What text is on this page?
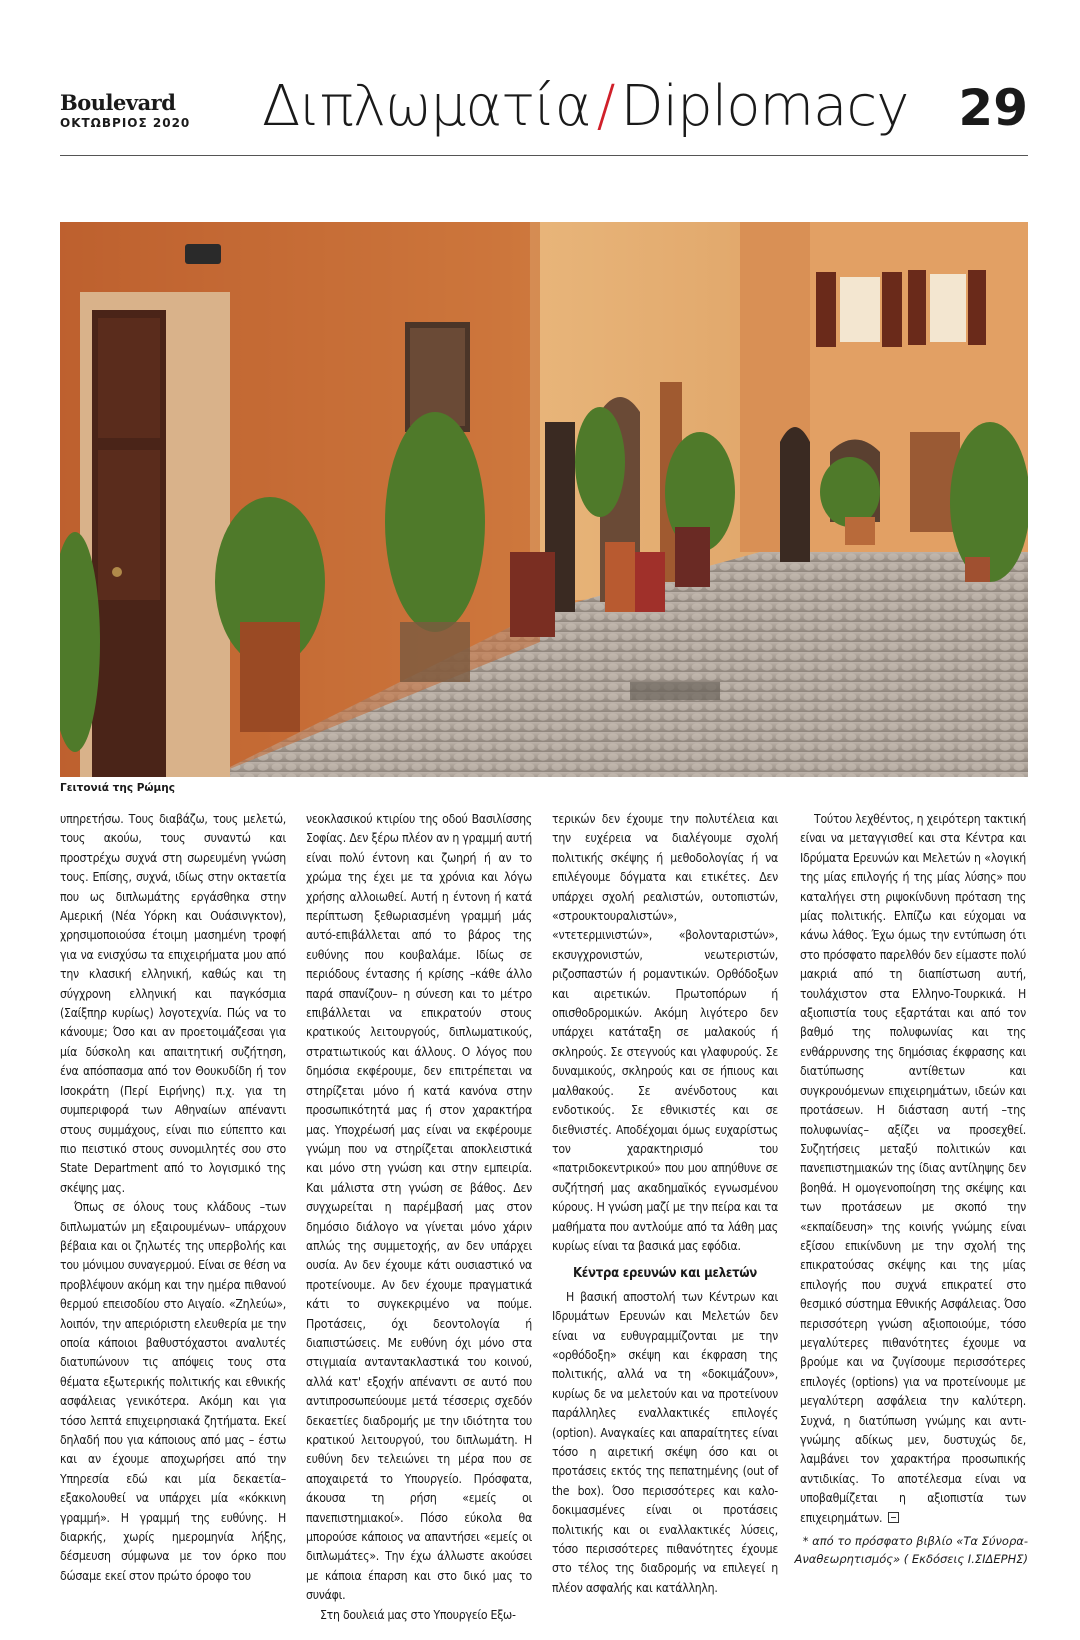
Boulevard
ΟΚΤΩΒΡΙΟΣ 2020 Διπλωματία / Diplomacy 29
Γειτονιά της Ρώμης

υπηρετήσω. Τους διαβάζω, τους μελετώ, τους ακούω, τους συναντώ και προστρέχω συχνά στη σωρευμένη γνώση τους. Επίσης, συχνά, ιδίως στην οκταετία που ως διπλωμάτης εργάσθηκα στην Αμερική (Νέα Υόρκη και Ουάσινγκτον), χρησιμοποιούσα έτοιμη μασημένη τροφή για να ενισχύσω τα επιχειρήματα μου από την κλασική ελληνική, καθώς και τη σύγχρονη ελληνική και παγκόσμια (Σαίξπηρ κυρίως) λογοτεχνία. Πώς να το κάνουμε; Όσο και αν προετοιμάζεσαι για μία δύσκολη και απαιτητική συζήτηση, ένα απόσπασμα από τον Θουκυδίδη ή τον Ισοκράτη (Περί Ειρήνης) π.χ. για τη συμπεριφορά των Αθηναίων απέναντι στους συμμάχους, είναι πιο εύπεπτο και πιο πειστικό στους συνομιλητές σου στο State Department από το λογισμικό της σκέψης μας.

Όπως σε όλους τους κλάδους –των διπλωματών μη εξαιρουμένων– υπάρχουν βέβαια και οι ζηλωτές της υπερβολής και του μόνιμου συναγερμού. Είναι σε θέση να προβλέψουν ακόμη και την ημέρα πιθανού θερμού επεισοδίου στο Αιγαίο. «Ζηλεύω», λοιπόν, την απεριόριστη ελευθερία με την οποία κάποιοι βαθυστόχαστοι αναλυτές διατυπώνουν τις απόψεις τους στα θέματα εξωτερικής πολιτικής και εθνικής ασφάλειας γενικότερα. Ακόμη και για τόσο λεπτά επιχειρησιακά ζητήματα. Εκεί δηλαδή που για κάποιους από μας – έστω και αν έχουμε αποχωρήσει από την Υπηρεσία εδώ και μία δεκαετία– εξακολουθεί να υπάρχει μία «κόκκινη γραμμή». Η γραμμή της ευθύνης. Η διαρκής, χωρίς ημερομηνία λήξης, δέσμευση σύμφωνα με τον όρκο που δώσαμε εκεί στον πρώτο όροφο του

νεοκλασικού κτιρίου της οδού Βασιλίσσης Σοφίας. Δεν ξέρω πλέον αν η γραμμή αυτή είναι πολύ έντονη και ζωηρή ή αν το χρώμα της έχει με τα χρόνια και λόγω χρήσης αλλοιωθεί. Αυτή η έντονη ή κατά περίπτωση ξεθωριασμένη γραμμή μάς αυτό-επιβάλλεται από το βάρος της ευθύνης που κουβαλάμε. Ιδίως σε περιόδους έντασης ή κρίσης –κάθε άλλο παρά σπανίζουν– η σύνεση και το μέτρο επιβάλλεται να επικρατούν στους κρατικούς λειτουργούς, διπλωματικούς, στρατιωτικούς και άλλους. Ο λόγος που δημόσια εκφέρουμε, δεν επιτρέπεται να στηρίζεται μόνο ή κατά κανόνα στην προσωπικότητά μας ή στον χαρακτήρα μας. Υποχρέωσή μας είναι να εκφέρουμε γνώμη που να στηρίζεται αποκλειστικά και μόνο στη γνώση και στην εμπειρία. Και μάλιστα στη γνώση σε βάθος. Δεν συγχωρείται η παρέμβασή μας στον δημόσιο διάλογο να γίνεται μόνο χάριν απλώς της συμμετοχής, αν δεν υπάρχει ουσία. Αν δεν έχουμε κάτι ουσιαστικό να προτείνουμε. Αν δεν έχουμε πραγματικά κάτι το συγκεκριμένο να πούμε. Προτάσεις, όχι δεοντολογία ή διαπιστώσεις. Με ευθύνη όχι μόνο στα στιγμιαία ανταντακλαστικά του κοινού, αλλά κατ' εξοχήν απέναντι σε αυτό που αντιπροσωπεύουμε μετά τέσσερις σχεδόν δεκαετίες διαδρομής με την ιδιότητα του κρατικού λειτουργού, του διπλωμάτη. Η ευθύνη δεν τελειώνει τη μέρα που σε αποχαιρετά το Υπουργείο. Πρόσφατα, άκουσα τη ρήση «εμείς οι πανεπιστημιακοί». Πόσο εύκολα θα μπορούσε κάποιος να απαντήσει «εμείς οι διπλωμάτες». Την έχω άλλωστε ακούσει με κάποια έπαρση και στο δικό μας το συνάφι.

Στη δουλειά μας στο Υπουργείο Εξω-

τερικών δεν έχουμε την πολυτέλεια και την ευχέρεια να διαλέγουμε σχολή πολιτικής σκέψης ή μεθοδολογίας ή να επιλέγουμε δόγματα και ετικέτες. Δεν υπάρχει σχολή ρεαλιστών, ουτοπιστών, «στρουκτουραλιστών», «ντετερμινιστών», «βολονταριστών», εκσυγχρονιστών, νεωτεριστών, ριζοσπαστών ή ρομαντικών. Ορθόδοξων και αιρετικών. Πρωτοπόρων ή οπισθοδρομικών. Ακόμη λιγότερο δεν υπάρχει κατάταξη σε μαλακούς ή σκληρούς. Σε στεγνούς και γλαφυρούς. Σε δυναμικούς, σκληρούς και σε ήπιους και μαλθακούς. Σε ανένδοτους και ενδοτικούς. Σε εθνικιστές και σε διεθνιστές. Αποδέχομαι όμως ευχαρίστως τον χαρακτηρισμό του «πατριδοκεντρικού» που μου απηύθυνε σε συζήτησή μας ακαδημαϊκός εγνωσμένου κύρους. Η γνώση μαζί με την πείρα και τα μαθήματα που αντλούμε από τα λάθη μας κυρίως είναι τα βασικά μας εφόδια.

Κέντρα ερευνών και μελετών

Η βασική αποστολή των Κέντρων και Ιδρυμάτων Ερευνών και Μελετών δεν είναι να ευθυγραμμίζονται με την «ορθόδοξη» σκέψη και έκφραση της πολιτικής, αλλά να τη «δοκιμάζουν», κυρίως δε να μελετούν και να προτείνουν παράλληλες εναλλακτικές επιλογές (option). Αναγκαίες και απαραίτητες είναι τόσο η αιρετική σκέψη όσο και οι προτάσεις εκτός της πεπατημένης (out of the box). Όσο περισσότερες και καλο-δοκιμασμένες είναι οι προτάσεις πολιτικής και οι εναλλακτικές λύσεις, τόσο περισσότερες πιθανότητες έχουμε στο τέλος της διαδρομής να επιλεγεί η πλέον ασφαλής και κατάλληλη.

Τούτου λεχθέντος, η χειρότερη τακτική είναι να μεταγγισθεί και στα Κέντρα και Ιδρύματα Ερευνών και Μελετών η «λογική της μίας επιλογής ή της μίας λύσης» που καταλήγει στη ριψοκίνδυνη πρόταση της μίας πολιτικής. Ελπίζω και εύχομαι να κάνω λάθος. Έχω όμως την εντύπωση ότι στο πρόσφατο παρελθόν δεν είμαστε πολύ μακριά από τη διαπίστωση αυτή, τουλάχιστον στα Ελληνο-Τουρκικά. Η αξιοπιστία τους εξαρτάται και από τον βαθμό της πολυφωνίας και της ενθάρρυνσης της δημόσιας έκφρασης και διατύπωσης αντίθετων και συγκρουόμενων επιχειρημάτων, ιδεών και προτάσεων. Η διάσταση αυτή –της πολυφωνίας– αξίζει να προσεχθεί. Συζητήσεις μεταξύ πολιτικών και πανεπιστημιακών της ίδιας αντίληψης δεν βοηθά. Η ομογενοποίηση της σκέψης και των προτάσεων με σκοπό την «εκπαίδευση» της κοινής γνώμης είναι εξίσου επικίνδυνη με την σχολή της επικρατούσας σκέψης και της μίας επιλογής που συχνά επικρατεί στο θεσμικό σύστημα Εθνικής Ασφάλειας. Όσο περισσότερη γνώση αξιοποιούμε, τόσο μεγαλύτερες πιθανότητες έχουμε να βρούμε και να ζυγίσουμε περισσότερες επιλογές (options) για να προτείνουμε με μεγαλύτερη ασφάλεια την καλύτερη. Συχνά, η διατύπωση γνώμης και αντι-γνώμης αδίκως μεν, δυστυχώς δε, λαμβάνει τον χαρακτήρα προσωπικής αντιδικίας. Το αποτέλεσμα είναι να υποβαθμίζεται η αξιοπιστία των επιχειρημάτων.

* από το πρόσφατο βιβλίο «Τα Σύνορα-
Αναθεωρητισμός» ( Εκδόσεις Ι.ΣΙΔΕΡΗΣ)
